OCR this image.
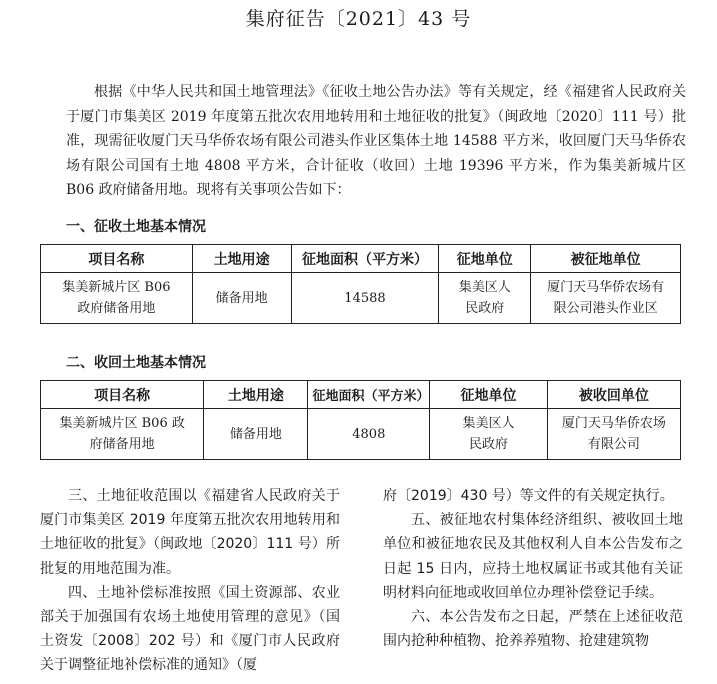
集府征告〔2021〕43 号

根据《中华人民共和国土地管理法》《征收土地公告办法》等有关规定，经《福建省人民政府关于厦门市集美区 2019 年度第五批次农用地转用和土地征收的批复》（闽政地〔2020〕111 号）批准，现需征收厦门天马华侨农场有限公司港头作业区集体土地 14588 平方米，收回厦门天马华侨农场有限公司国有土地 4808 平方米，合计征收（收回）土地 19396 平方米，作为集美新城片区 B06 政府储备用地。现将有关事项公告如下：

一、征收土地基本情况
项目名称	土地用途	征地面积（平方米）	征地单位	被征地单位
集美新城片区 B06 政府储备用地	储备用地	14588	集美区人民政府	厦门天马华侨农场有限公司港头作业区
二、收回土地基本情况
项目名称	土地用途	征地面积（平方米）	征地单位	被收回单位
集美新城片区 B06 政府储备用地	储备用地	4808	集美区人民政府	厦门天马华侨农场有限公司

三、土地征收范围以《福建省人民政府关于厦门市集美区 2019 年度第五批次农用地转用和土地征收的批复》（闽政地〔2020〕111 号）所批复的用地范围为准。

四、土地补偿标准按照《国土资源部、农业部关于加强国有农场土地使用管理的意见》（国土资发〔2008〕202 号）和《厦门市人民政府关于调整征地补偿标准的通知》（厦

府〔2019〕430 号）等文件的有关规定执行。

五、被征地农村集体经济组织、被收回土地单位和被征地农民及其他权利人自本公告发布之日起 15 日内，应持土地权属证书或其他有关证明材料向征地或收回单位办理补偿登记手续。

六、本公告发布之日起，严禁在上述征收范围内抢种种植物、抢养养殖物、抢建建筑物
